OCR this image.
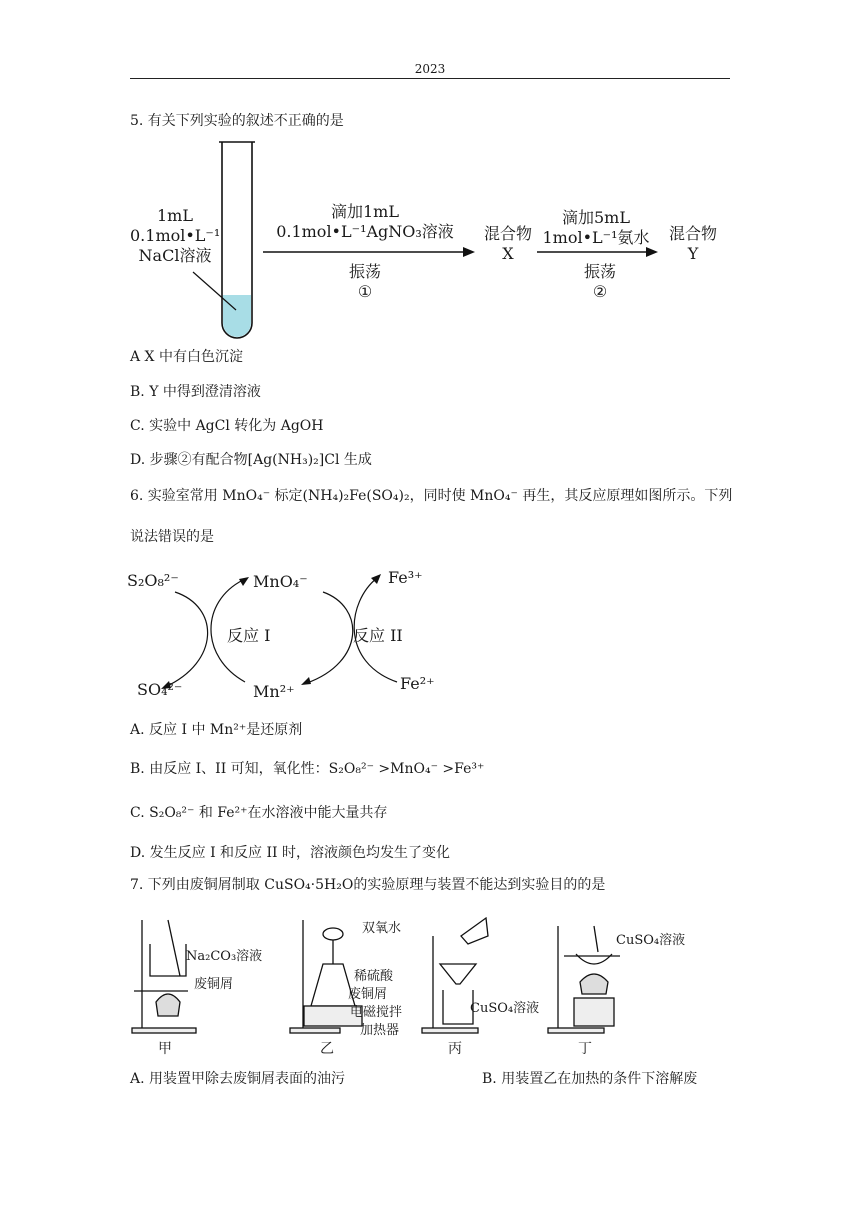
2023
5. 有关下列实验的叙述不正确的是
1mL
0.1mol•L⁻¹
NaCl溶液
滴加1mL
0.1mol•L⁻¹AgNO₃溶液
振荡
①
混合物
X
滴加5mL
1mol•L⁻¹氨水
振荡
②
混合物
Y
A X 中有白色沉淀
B. Y 中得到澄清溶液
C. 实验中 AgCl 转化为 AgOH
D. 步骤②有配合物[Ag(NH₃)₂]Cl 生成
6. 实验室常用 MnO₄⁻ 标定(NH₄)₂Fe(SO₄)₂，同时使 MnO₄⁻ 再生，其反应原理如图所示。下列
说法错误的是
S₂O₈²⁻	MnO₄⁻	Fe³⁺
反应 I	反应 II
SO₄²⁻	Mn²⁺	Fe²⁺
A. 反应 I 中 Mn²⁺是还原剂
B. 由反应 I、II 可知，氧化性：S₂O₈²⁻ >MnO₄⁻ >Fe³⁺
C. S₂O₈²⁻ 和 Fe²⁺在水溶液中能大量共存
D. 发生反应 I 和反应 II 时，溶液颜色均发生了变化
7. 下列由废铜屑制取 CuSO₄·5H₂O的实验原理与装置不能达到实验目的的是
Na₂CO₃溶液
废铜屑
双氧水
稀硫酸
废铜屑
电磁搅拌
加热器
CuSO₄溶液
CuSO₄溶液
甲	乙	丙	丁
A. 用装置甲除去废铜屑表面的油污	B. 用装置乙在加热的条件下溶解废
